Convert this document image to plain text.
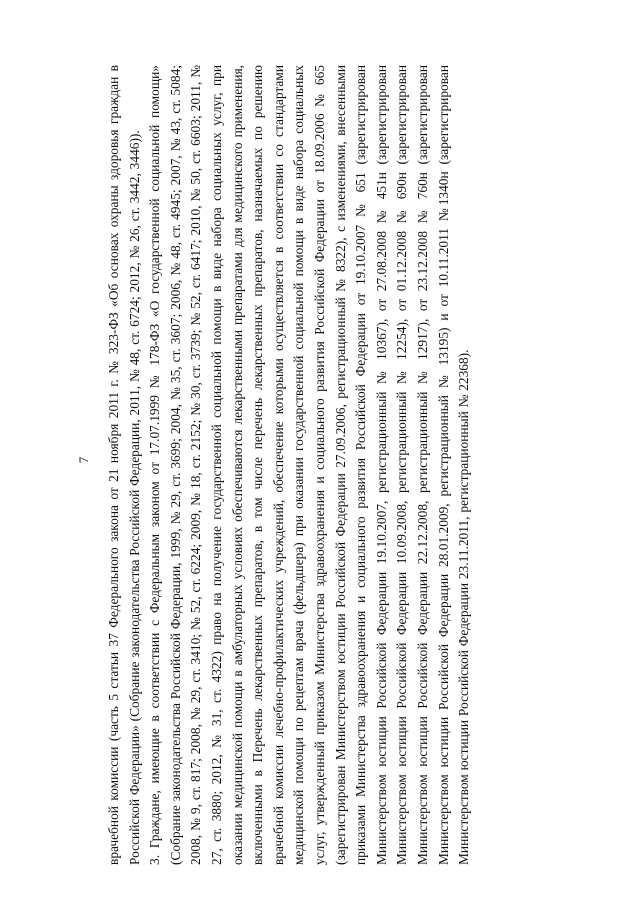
7	врачебной комиссии (часть 5 статьи 37 Федерального закона от 21 ноября 2011 г. № 323-ФЗ «Об основах охраны здоровья граждан в Российской Федерации» (Собрание законодательства Российской Федерации, 2011, № 48, ст. 6724; 2012, № 26, ст. 3442, 3446)). 3. Граждане, имеющие в соответствии с Федеральным законом от 17.07.1999 № 178-ФЗ «О государственной социальной помощи» (Собрание законодательства Российской Федерации, 1999, № 29, ст. 3699; 2004, № 35, ст. 3607; 2006, № 48, ст. 4945; 2007, № 43, ст. 5084; 2008, № 9, ст. 817; 2008, № 29, ст. 3410; № 52, ст. 6224; 2009, № 18, ст. 2152; № 30, ст. 3739; № 52, ст. 6417; 2010, № 50, ст. 6603; 2011, № 27, ст. 3880; 2012, № 31, ст. 4322) право на получение государственной социальной помощи в виде набора социальных услуг, при оказании медицинской помощи в амбулаторных условиях обеспечиваются лекарственными препаратами для медицинского применения, включенными в Перечень лекарственных препаратов, в том числе перечень лекарственных препаратов, назначаемых по решению врачебной комиссии лечебно-профилактических учреждений, обеспечение которыми осуществляется в соответствии со стандартами медицинской помощи по рецептам врача (фельдшера) при оказании государственной социальной помощи в виде набора социальных услуг, утвержденный приказом Министерства здравоохранения и социального развития Российской Федерации от 18.09.2006 № 665 (зарегистрирован Министерством юстиции Российской Федерации 27.09.2006, регистрационный № 8322), с изменениями, внесенными приказами Министерства здравоохранения и социального развития Российской Федерации от 19.10.2007 № 651 (зарегистрирован Министерством юстиции Российской Федерации 19.10.2007, регистрационный № 10367), от 27.08.2008 № 451н (зарегистрирован Министерством юстиции Российской Федерации 10.09.2008, регистрационный № 12254), от 01.12.2008 № 690н (зарегистрирован Министерством юстиции Российской Федерации 22.12.2008, регистрационный № 12917), от 23.12.2008 № 760н (зарегистрирован Министерством юстиции Российской Федерации 28.01.2009, регистрационный № 13195) и от 10.11.2011 №1340н (зарегистрирован Министерством юстиции Российской Федерации 23.11.2011, регистрационный № 22368).
